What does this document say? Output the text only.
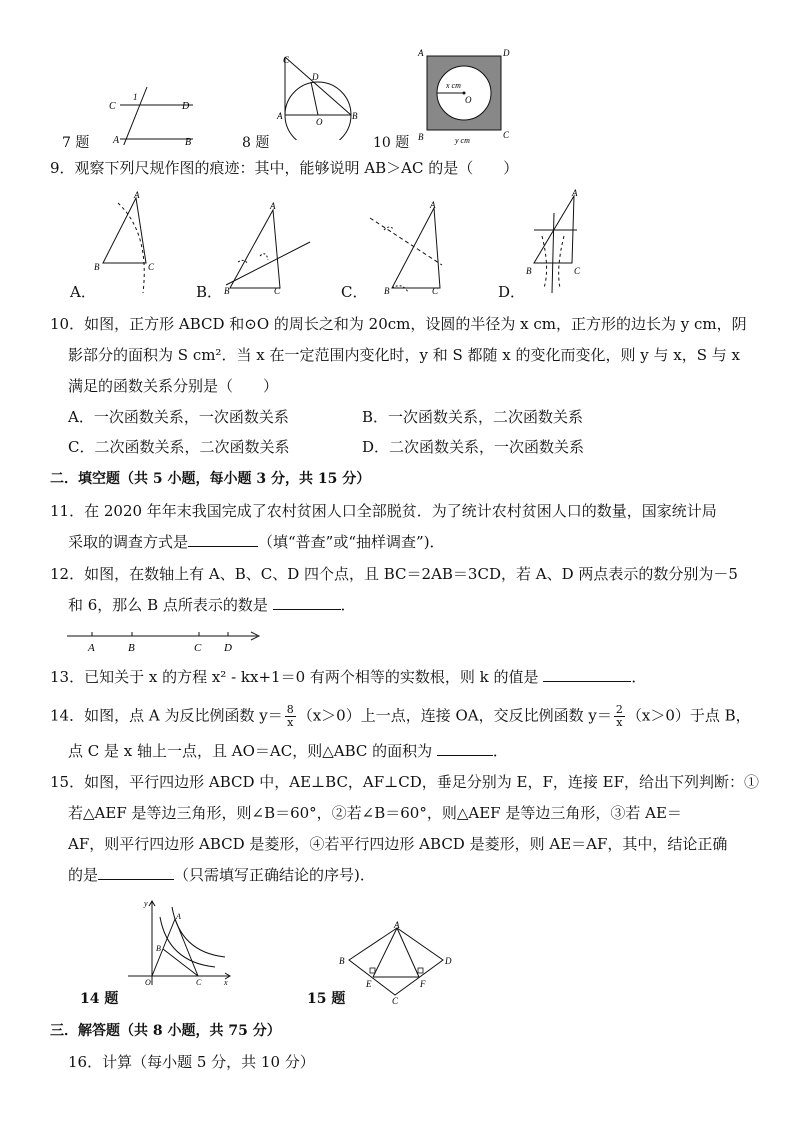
C	D
A	B
1
7 题
C
D
A
O
B
8 题
A	D
B	C
x cm
O
y cm
10 题
9．观察下列尺规作图的痕迹：其中，能够说明 AB＞AC 的是（　　）
A
B	C
A．
A
B	C
B．
A
B	C
C．
A
B	C
D．
10．如图，正方形 ABCD 和⊙O 的周长之和为 20cm，设圆的半径为 x cm，正方形的边长为 y cm，阴
影部分的面积为 S cm²．当 x 在一定范围内变化时，y 和 S 都随 x 的变化而变化，则 y 与 x，S 与 x
满足的函数关系分别是（　　）
A．一次函数关系，一次函数关系	B．一次函数关系，二次函数关系
C．二次函数关系，二次函数关系	D．二次函数关系，一次函数关系
二．填空题（共 5 小题，每小题 3 分，共 15 分）
11．在 2020 年年末我国完成了农村贫困人口全部脱贫．为了统计农村贫困人口的数量，国家统计局
采取的调查方式是	（填“普查”或“抽样调查”)．
12．如图，在数轴上有 A、B、C、D 四个点，且 BC＝2AB＝3CD，若 A、D 两点表示的数分别为－5
和 6，那么 B 点所表示的数是	．
A	B	C D
13．已知关于 x 的方程 x² - kx+1＝0 有两个相等的实数根，则 k 的值是	．
14．如图，点 A 为反比例函数 $y= \frac{8}{x} (x>0)$上一点，连接 OA，交反比例函数 $y= \frac{2}{x} (x>0)$于点 B，
点 C 是 x 轴上一点，且 AO＝AC，则△ABC 的面积为	．
15．如图，平行四边形 ABCD 中，AE⊥BC，AF⊥CD，垂足分别为 E，F，连接 EF，给出下列判断：①
若△AEF 是等边三角形，则∠B＝60°，②若∠B＝60°，则△AEF 是等边三角形，③若 AE＝
AF，则平行四边形 ABCD 是菱形，④若平行四边形 ABCD 是菱形，则 AE＝AF，其中，结论正确
的是	（只需填写正确结论的序号)．
y
A
B
O	C	x
14 题
A
B	D
E	F
C
15 题
三．解答题（共 8 小题，共 75 分）
16．计算（每小题 5 分，共 10 分）
